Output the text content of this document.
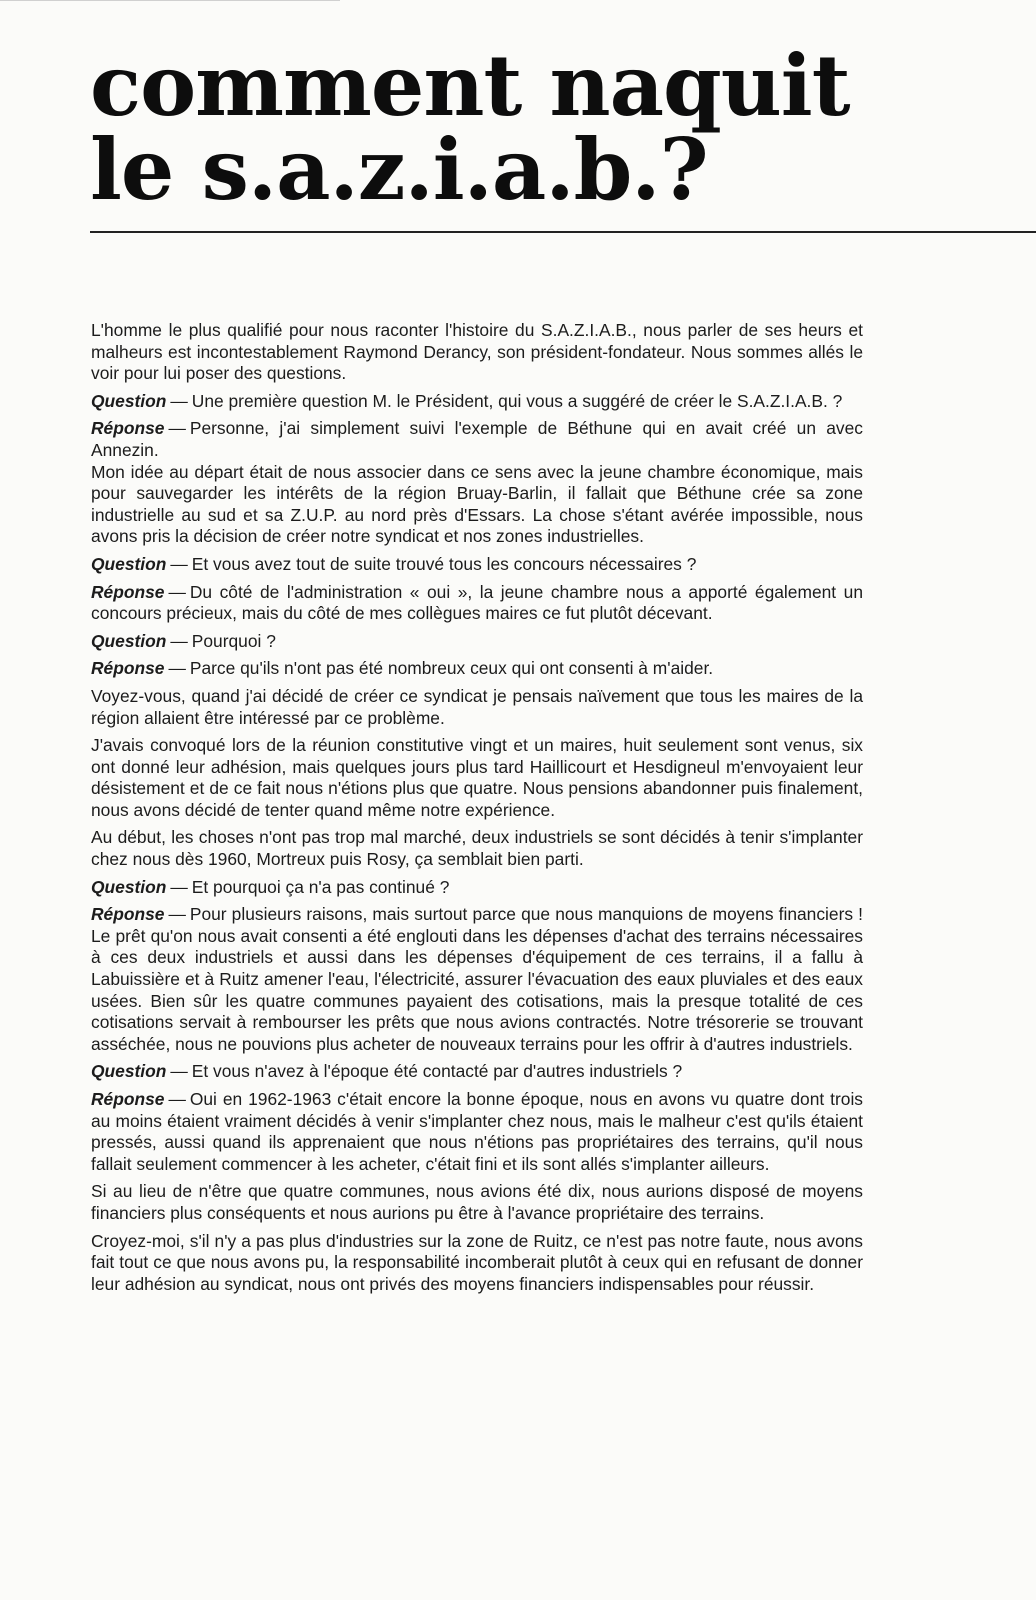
comment naquit
le s.a.z.i.a.b.?

L'homme le plus qualifié pour nous raconter l'histoire du S.A.Z.I.A.B., nous parler de ses heurs et malheurs est incontestablement Raymond Derancy, son président-fondateur. Nous sommes allés le voir pour lui poser des questions.

Question — Une première question M. le Président, qui vous a suggéré de créer le S.A.Z.I.A.B. ?

Réponse — Personne, j'ai simplement suivi l'exemple de Béthune qui en avait créé un avec Annezin.

Mon idée au départ était de nous associer dans ce sens avec la jeune chambre économique, mais pour sauvegarder les intérêts de la région Bruay-Barlin, il fallait que Béthune crée sa zone industrielle au sud et sa Z.U.P. au nord près d'Essars. La chose s'étant avérée impossible, nous avons pris la décision de créer notre syndicat et nos zones industrielles.

Question — Et vous avez tout de suite trouvé tous les concours nécessaires ?

Réponse — Du côté de l'administration « oui », la jeune chambre nous a apporté également un concours précieux, mais du côté de mes collègues maires ce fut plutôt décevant.

Question — Pourquoi ?

Réponse — Parce qu'ils n'ont pas été nombreux ceux qui ont consenti à m'aider.

Voyez-vous, quand j'ai décidé de créer ce syndicat je pensais naïvement que tous les maires de la région allaient être intéressé par ce problème.

J'avais convoqué lors de la réunion constitutive vingt et un maires, huit seulement sont venus, six ont donné leur adhésion, mais quelques jours plus tard Haillicourt et Hesdigneul m'envoyaient leur désistement et de ce fait nous n'étions plus que quatre. Nous pensions abandonner puis finalement, nous avons décidé de tenter quand même notre expérience.

Au début, les choses n'ont pas trop mal marché, deux industriels se sont décidés à tenir s'implanter chez nous dès 1960, Mortreux puis Rosy, ça semblait bien parti.

Question — Et pourquoi ça n'a pas continué ?

Réponse — Pour plusieurs raisons, mais surtout parce que nous manquions de moyens financiers ! Le prêt qu'on nous avait consenti a été englouti dans les dépenses d'achat des terrains nécessaires à ces deux industriels et aussi dans les dépenses d'équipement de ces terrains, il a fallu à Labuissière et à Ruitz amener l'eau, l'électricité, assurer l'évacuation des eaux pluviales et des eaux usées. Bien sûr les quatre communes payaient des cotisations, mais la presque totalité de ces cotisations servait à rembourser les prêts que nous avions contractés. Notre trésorerie se trouvant asséchée, nous ne pouvions plus acheter de nouveaux terrains pour les offrir à d'autres industriels.

Question — Et vous n'avez à l'époque été contacté par d'autres industriels ?

Réponse — Oui en 1962-1963 c'était encore la bonne époque, nous en avons vu quatre dont trois au moins étaient vraiment décidés à venir s'implanter chez nous, mais le malheur c'est qu'ils étaient pressés, aussi quand ils apprenaient que nous n'étions pas propriétaires des terrains, qu'il nous fallait seulement commencer à les acheter, c'était fini et ils sont allés s'implanter ailleurs.

Si au lieu de n'être que quatre communes, nous avions été dix, nous aurions disposé de moyens financiers plus conséquents et nous aurions pu être à l'avance propriétaire des terrains.

Croyez-moi, s'il n'y a pas plus d'industries sur la zone de Ruitz, ce n'est pas notre faute, nous avons fait tout ce que nous avons pu, la responsabilité incomberait plutôt à ceux qui en refusant de donner leur adhésion au syndicat, nous ont privés des moyens financiers indispensables pour réussir.
